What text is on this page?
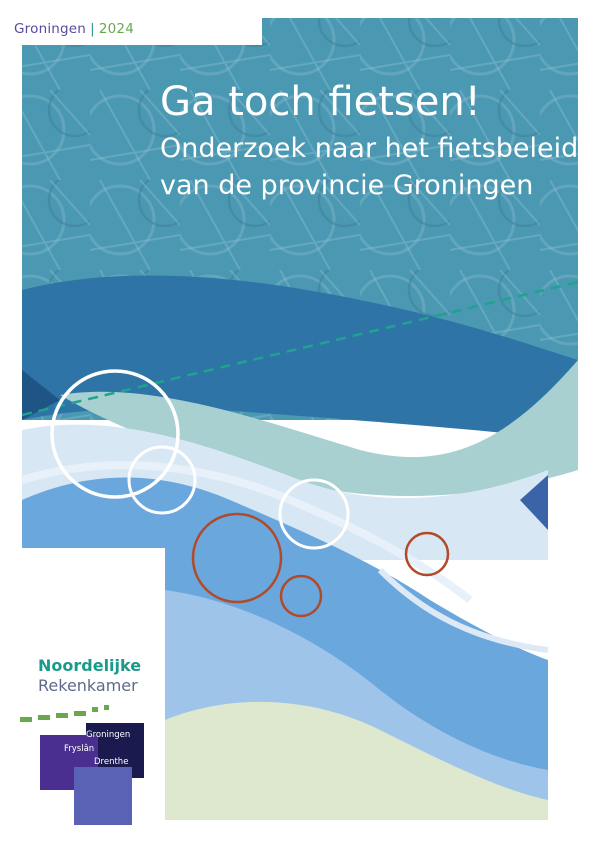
Groningen | 2024
Ga toch fietsen!

Onderzoek naar het fietsbeleid van de provincie Groningen

Noordelijke
Rekenkamer
Groningen
Fryslân
Drenthe
